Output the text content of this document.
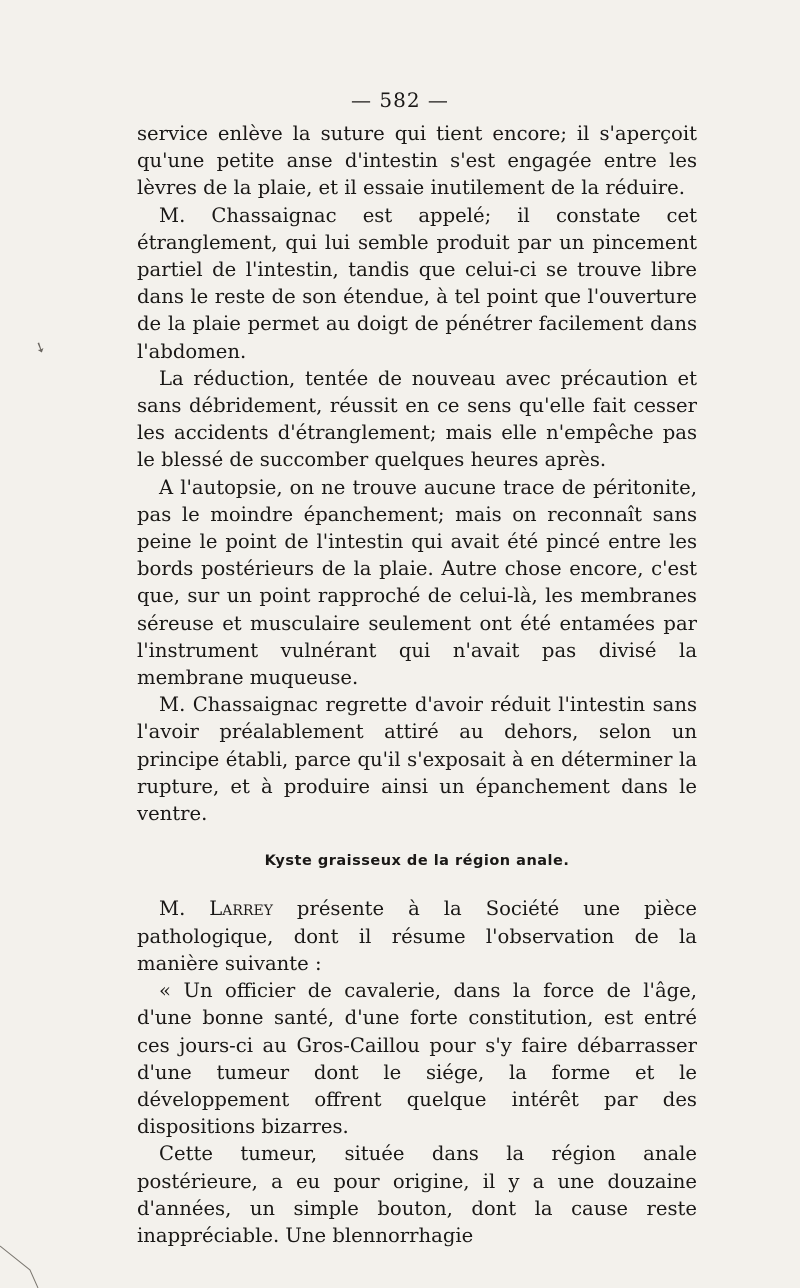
— 582 —

service enlève la suture qui tient encore; il s'aperçoit qu'une petite anse d'intestin s'est engagée entre les lèvres de la plaie, et il essaie inutilement de la réduire.

M. Chassaignac est appelé; il constate cet étranglement, qui lui semble produit par un pincement partiel de l'intestin, tandis que celui-ci se trouve libre dans le reste de son étendue, à tel point que l'ouverture de la plaie permet au doigt de pénétrer facilement dans l'abdomen.

La réduction, tentée de nouveau avec précaution et sans débridement, réussit en ce sens qu'elle fait cesser les accidents d'étranglement; mais elle n'empêche pas le blessé de succomber quelques heures après.

A l'autopsie, on ne trouve aucune trace de péritonite, pas le moindre épanchement; mais on reconnaît sans peine le point de l'intestin qui avait été pincé entre les bords postérieurs de la plaie. Autre chose encore, c'est que, sur un point rapproché de celui-là, les membranes séreuse et musculaire seulement ont été entamées par l'instrument vulnérant qui n'avait pas divisé la membrane muqueuse.

M. Chassaignac regrette d'avoir réduit l'intestin sans l'avoir préalablement attiré au dehors, selon un principe établi, parce qu'il s'exposait à en déterminer la rupture, et à produire ainsi un épanchement dans le ventre.

Kyste graisseux de la région anale.

M. Larrey présente à la Société une pièce pathologique, dont il résume l'observation de la manière suivante :

« Un officier de cavalerie, dans la force de l'âge, d'une bonne santé, d'une forte constitution, est entré ces jours-ci au Gros-Caillou pour s'y faire débarrasser d'une tumeur dont le siége, la forme et le développement offrent quelque intérêt par des dispositions bizarres.

Cette tumeur, située dans la région anale postérieure, a eu pour origine, il y a une douzaine d'années, un simple bouton, dont la cause reste inappréciable. Une blennorrhagie

➘
